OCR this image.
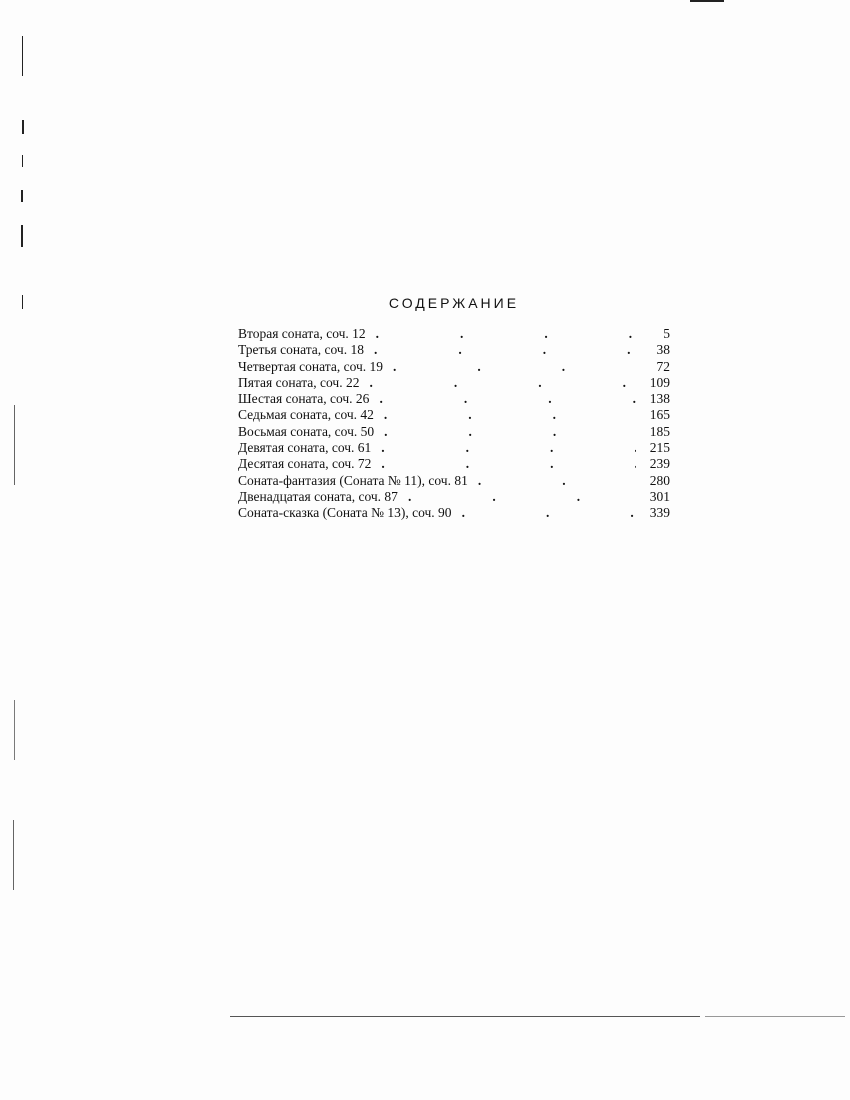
СОДЕРЖАНИЕ
Вторая соната, соч. 12 .	5
Третья соната, соч. 18 .	38
Четвертая соната, соч. 19 .	72
Пятая соната, соч. 22 .	109
Шестая соната, соч. 26 .	138
Седьмая соната, соч. 42 .	165
Восьмая соната, соч. 50 .	185
Девятая соната, соч. 61 .	215
Десятая соната, соч. 72 .	239
Соната-фантазия (Соната № 11), соч. 81 .	280
Двенадцатая соната, соч. 87 .	301
Соната-сказка (Соната № 13), соч. 90 .	339
